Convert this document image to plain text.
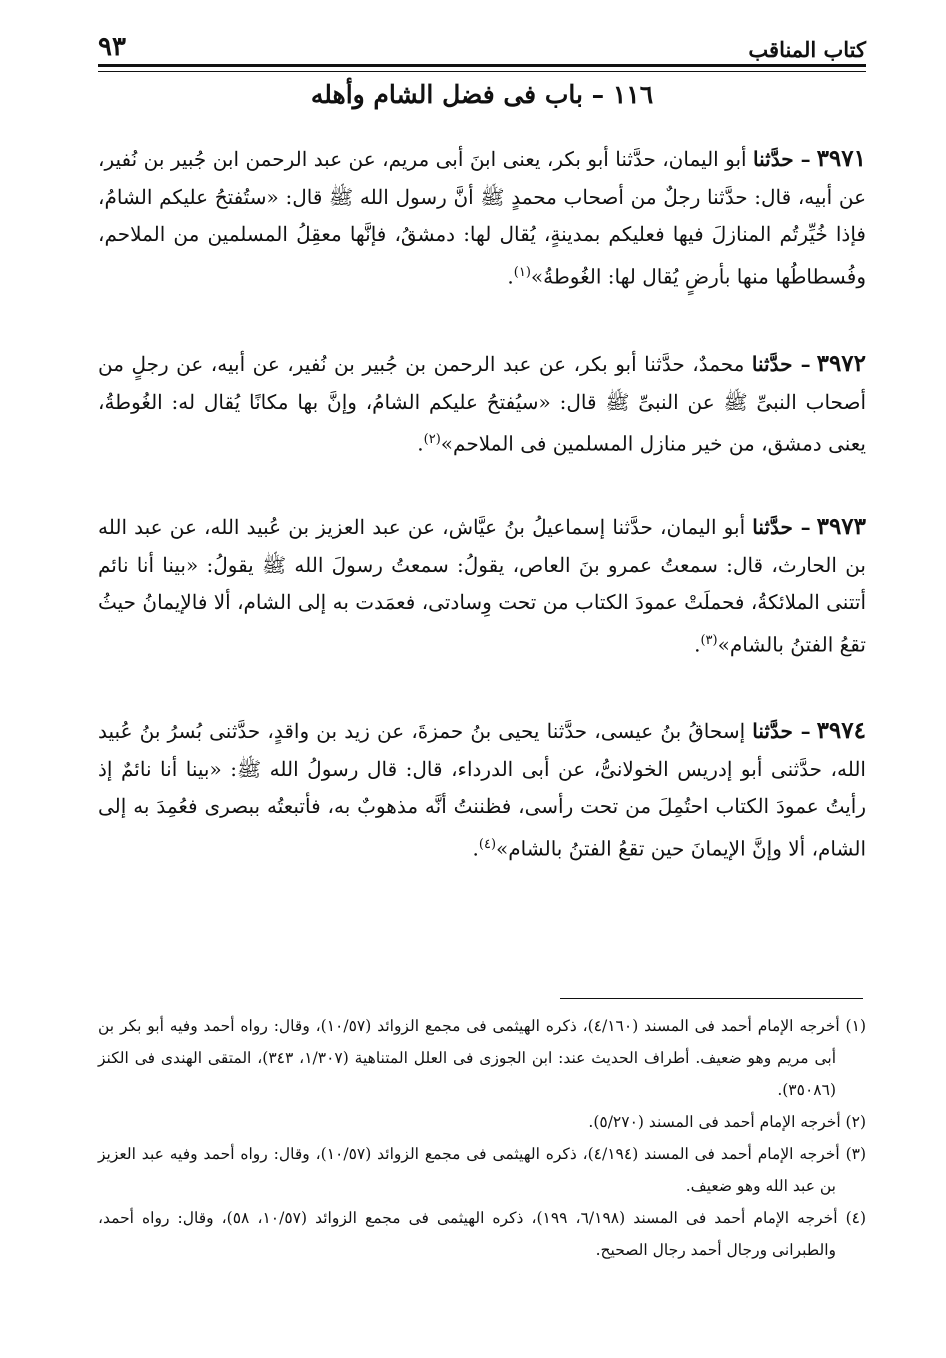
كتاب المناقب
٩٣
١١٦ – باب فى فضل الشام وأهله
٣٩٧١– حدَّثنا أبو اليمان، حدَّثنا أبو بكر، يعنى ابنَ أبى مريم، عن عبد الرحمن ابن جُبير بن نُفير، عن أبيه، قال: حدَّثنا رجلٌ من أصحاب محمدٍ ﷺ أنَّ رسول الله ﷺ قال: «ستُفتحُ عليكم الشامُ، فإذا خُيِّرتُم المنازلَ فيها فعليكم بمدينةٍ، يُقال لها: دمشقُ، فإنَّها معقِلُ المسلمين من الملاحم، وفُسطاطُها منها بأرضٍ يُقال لها: الغُوطةُ»$^{(١)}$.
٣٩٧٢– حدَّثنا محمدٌ، حدَّثنا أبو بكر، عن عبد الرحمن بن جُبير بن نُفير، عن أبيه، عن رجلٍ من أصحاب النبىِّ ﷺ عن النبىِّ ﷺ قال: «سيُفتحُ عليكم الشامُ، وإنَّ بها مكانًا يُقال له: الغُوطةُ، يعنى دمشق، من خير منازل المسلمين فى الملاحم»$^{(٢)}$.
٣٩٧٣– حدَّثنا أبو اليمان، حدَّثنا إسماعيلُ بنُ عيَّاش، عن عبد العزيز بن عُبيد الله، عن عبد الله بن الحارث، قال: سمعتُ عمرو بنَ العاص، يقولُ: سمعتُ رسولَ الله ﷺ يقولُ: «بينا أنا نائم أتتنى الملائكةُ، فحملَتْ عمودَ الكتاب من تحت وِسادتى، فعمَدت به إلى الشام، ألا فالإيمانُ حيثُ تقعُ الفتنُ بالشام»$^{(٣)}$.
٣٩٧٤– حدَّثنا إسحاقُ بنُ عيسى، حدَّثنا يحيى بنُ حمزةَ، عن زيد بن واقدٍ، حدَّثنى بُسرُ بنُ عُبيد الله، حدَّثنى أبو إدريس الخولانىُّ، عن أبى الدرداء، قال: قال رسولُ الله ﷺ: «بينا أنا نائمٌ إذ رأيتُ عمودَ الكتاب احتُمِلَ من تحت رأسى، فظننتُ أنَّه مذهوبٌ به، فأتبعتُه ببصرى فعُمِدَ به إلى الشام، ألا وإنَّ الإيمانَ حين تقعُ الفتنُ بالشام»$^{(٤)}$.
(١) أخرجه الإمام أحمد فى المسند (٤/١٦٠)، ذكره الهيثمى فى مجمع الزوائد (١٠/٥٧)، وقال: رواه أحمد وفيه أبو بكر بن أبى مريم وهو ضعيف. أطراف الحديث عند: ابن الجوزى فى العلل المتناهية (١/٣٠٧، ٣٤٣)، المتقى الهندى فى الكنز (٣٥٠٨٦).
(٢) أخرجه الإمام أحمد فى المسند (٥/٢٧٠).
(٣) أخرجه الإمام أحمد فى المسند (٤/١٩٤)، ذكره الهيثمى فى مجمع الزوائد (١٠/٥٧)، وقال: رواه أحمد وفيه عبد العزيز بن عبد الله وهو ضعيف.
(٤) أخرجه الإمام أحمد فى المسند (٦/١٩٨، ١٩٩)، ذكره الهيثمى فى مجمع الزوائد (١٠/٥٧، ٥٨)، وقال: رواه أحمد، والطبرانى ورجال أحمد رجال الصحيح.
